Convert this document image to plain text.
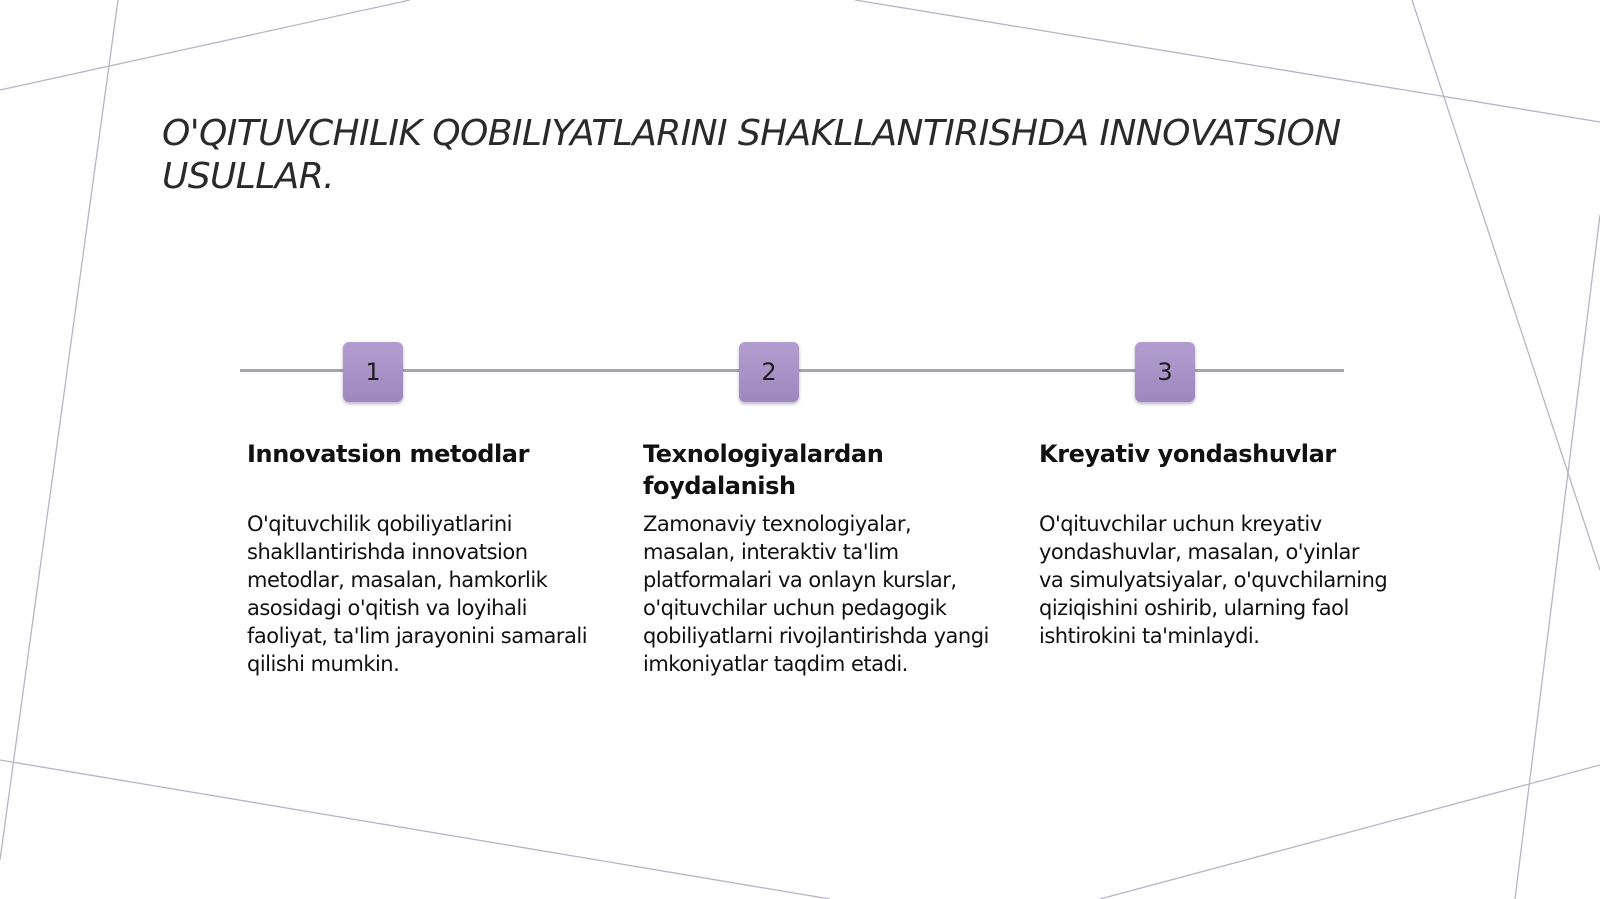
O'QITUVCHILIK QOBILIYATLARINI SHAKLLANTIRISHDA INNOVATSION USULLAR.
1	2	3
Innovatsion metodlar

O'qituvchilik qobiliyatlarini shakllantirishda innovatsion metodlar, masalan, hamkorlik asosidagi o'qitish va loyihali faoliyat, ta'lim jarayonini samarali qilishi mumkin.

Texnologiyalardan foydalanish

Zamonaviy texnologiyalar, masalan, interaktiv ta'lim platformalari va onlayn kurslar, o'qituvchilar uchun pedagogik qobiliyatlarni rivojlantirishda yangi imkoniyatlar taqdim etadi.

Kreyativ yondashuvlar

O'qituvchilar uchun kreyativ yondashuvlar, masalan, o'yinlar va simulyatsiyalar, o'quvchilarning qiziqishini oshirib, ularning faol ishtirokini ta'minlaydi.
